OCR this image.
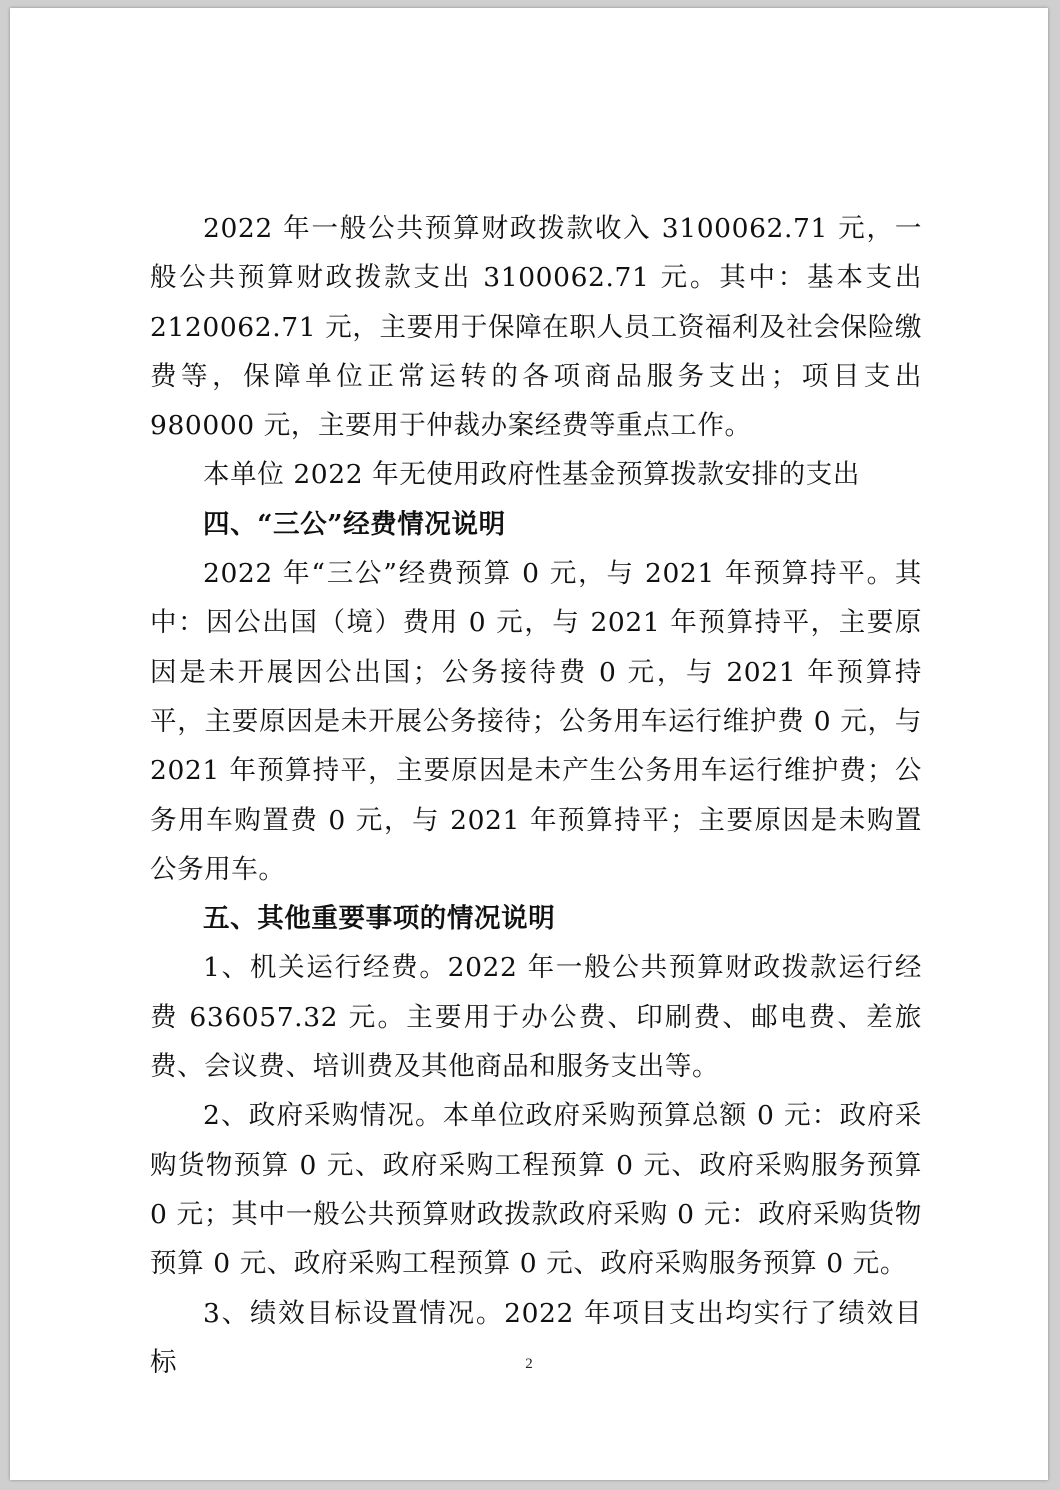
2022 年一般公共预算财政拨款收入 3100062.71 元，一般公共预算财政拨款支出 3100062.71 元。其中：基本支出 2120062.71 元，主要用于保障在职人员工资福利及社会保险缴费等，保障单位正常运转的各项商品服务支出；项目支出 980000 元，主要用于仲裁办案经费等重点工作。

本单位 2022 年无使用政府性基金预算拨款安排的支出

四、“三公”经费情况说明

2022 年“三公”经费预算 0 元，与 2021 年预算持平。其中：因公出国（境）费用 0 元，与 2021 年预算持平，主要原因是未开展因公出国；公务接待费 0 元，与 2021 年预算持平，主要原因是未开展公务接待；公务用车运行维护费 0 元，与 2021 年预算持平，主要原因是未产生公务用车运行维护费；公务用车购置费 0 元，与 2021 年预算持平；主要原因是未购置公务用车。

五、其他重要事项的情况说明

1、机关运行经费。2022 年一般公共预算财政拨款运行经费 636057.32 元。主要用于办公费、印刷费、邮电费、差旅费、会议费、培训费及其他商品和服务支出等。

2、政府采购情况。本单位政府采购预算总额 0 元：政府采购货物预算 0 元、政府采购工程预算 0 元、政府采购服务预算 0 元；其中一般公共预算财政拨款政府采购 0 元：政府采购货物预算 0 元、政府采购工程预算 0 元、政府采购服务预算 0 元。

3、绩效目标设置情况。2022 年项目支出均实行了绩效目标	2
